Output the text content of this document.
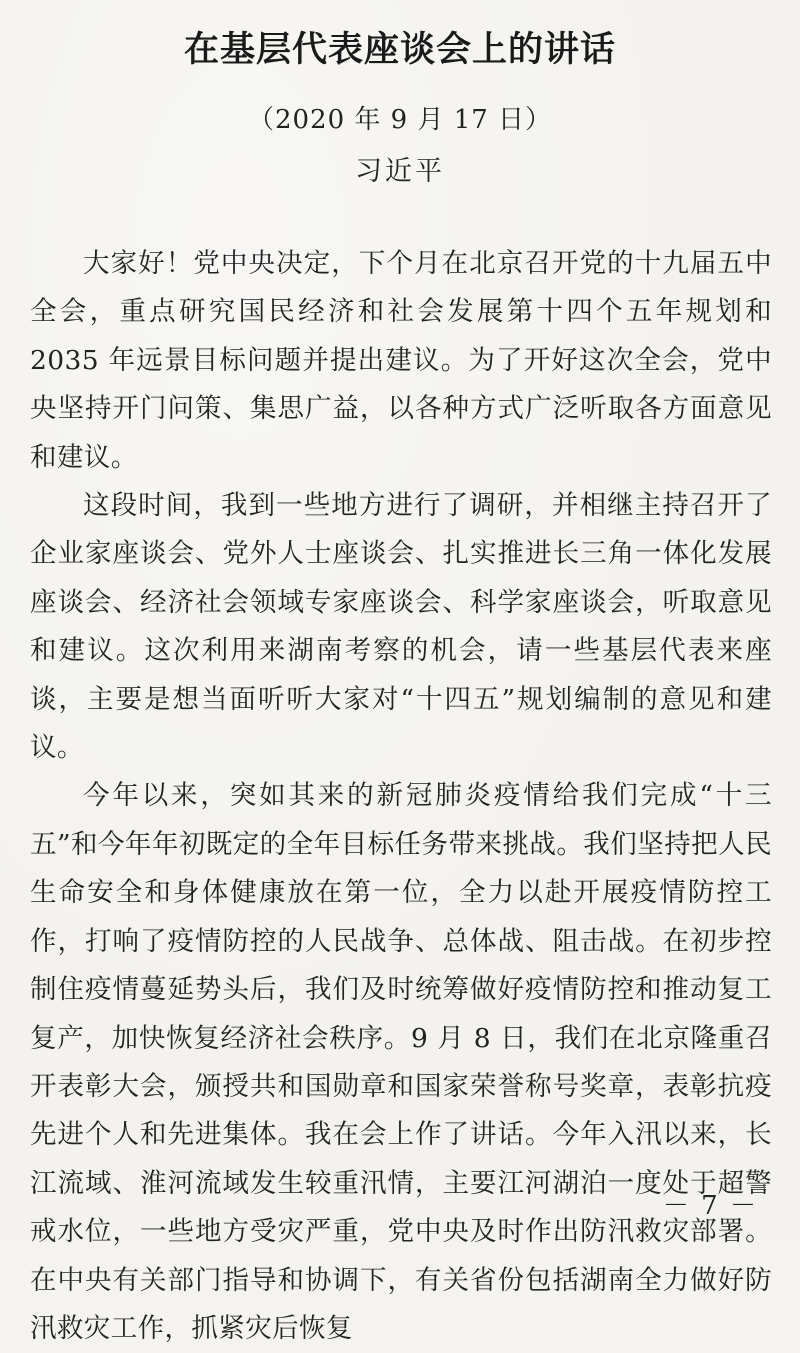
在基层代表座谈会上的讲话
（2020 年 9 月 17 日）
习近平

大家好！党中央决定，下个月在北京召开党的十九届五中全会，重点研究国民经济和社会发展第十四个五年规划和 2035 年远景目标问题并提出建议。为了开好这次全会，党中央坚持开门问策、集思广益，以各种方式广泛听取各方面意见和建议。

这段时间，我到一些地方进行了调研，并相继主持召开了企业家座谈会、党外人士座谈会、扎实推进长三角一体化发展座谈会、经济社会领域专家座谈会、科学家座谈会，听取意见和建议。这次利用来湖南考察的机会，请一些基层代表来座谈，主要是想当面听听大家对“十四五”规划编制的意见和建议。

今年以来，突如其来的新冠肺炎疫情给我们完成“十三五”和今年年初既定的全年目标任务带来挑战。我们坚持把人民生命安全和身体健康放在第一位，全力以赴开展疫情防控工作，打响了疫情防控的人民战争、总体战、阻击战。在初步控制住疫情蔓延势头后，我们及时统筹做好疫情防控和推动复工复产，加快恢复经济社会秩序。9 月 8 日，我们在北京隆重召开表彰大会，颁授共和国勋章和国家荣誉称号奖章，表彰抗疫先进个人和先进集体。我在会上作了讲话。今年入汛以来，长江流域、淮河流域发生较重汛情，主要江河湖泊一度处于超警戒水位，一些地方受灾严重，党中央及时作出防汛救灾部署。在中央有关部门指导和协调下，有关省份包括湖南全力做好防汛救灾工作，抓紧灾后恢复

－ 7 －
